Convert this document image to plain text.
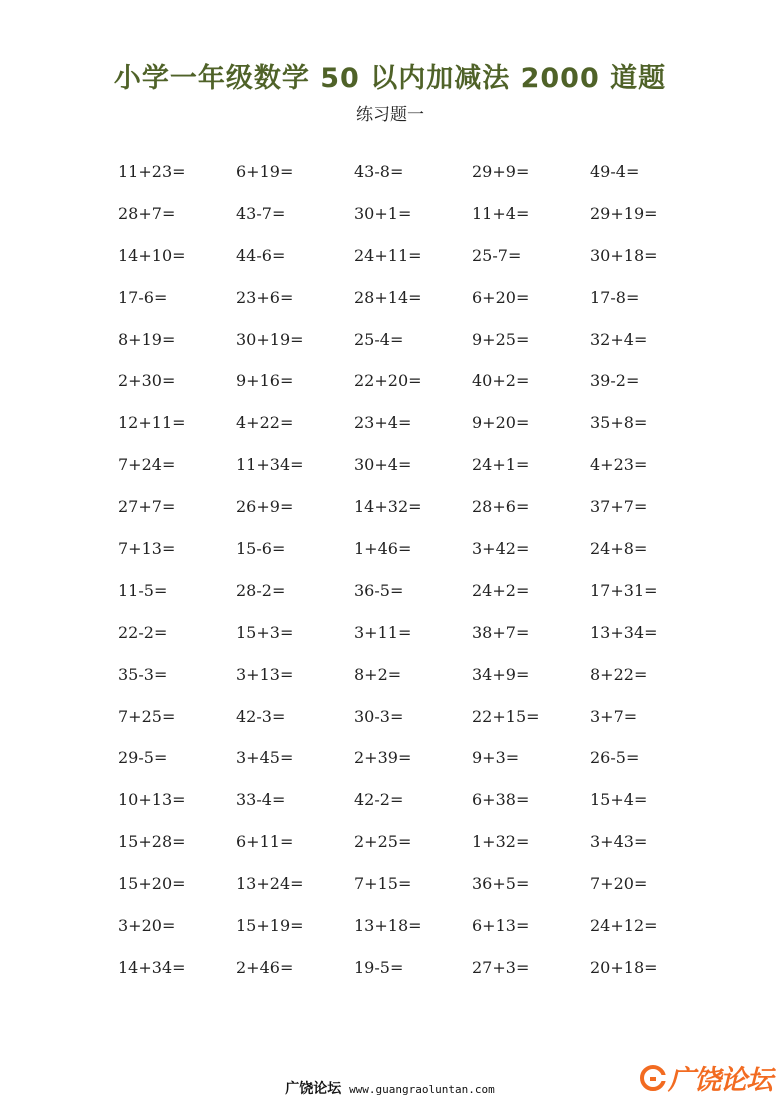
小学一年级数学 50 以内加减法 2000 道题
练习题一
11+23=	6+19=	43-8=	29+9=	49-4=
28+7=	43-7=	30+1=	11+4=	29+19=
14+10=	44-6=	24+11=	25-7=	30+18=
17-6=	23+6=	28+14=	6+20=	17-8=
8+19=	30+19=	25-4=	9+25=	32+4=
2+30=	9+16=	22+20=	40+2=	39-2=
12+11=	4+22=	23+4=	9+20=	35+8=
7+24=	11+34=	30+4=	24+1=	4+23=
27+7=	26+9=	14+32=	28+6=	37+7=
7+13=	15-6=	1+46=	3+42=	24+8=
11-5=	28-2=	36-5=	24+2=	17+31=
22-2=	15+3=	3+11=	38+7=	13+34=
35-3=	3+13=	8+2=	34+9=	8+22=
7+25=	42-3=	30-3=	22+15=	3+7=
29-5=	3+45=	2+39=	9+3=	26-5=
10+13=	33-4=	42-2=	6+38=	15+4=
15+28=	6+11=	2+25=	1+32=	3+43=
15+20=	13+24=	7+15=	36+5=	7+20=
3+20=	15+19=	13+18=	6+13=	24+12=
14+34=	2+46=	19-5=	27+3=	20+18=
广饶论坛 www.guangraoluntan.com	广饶论坛
